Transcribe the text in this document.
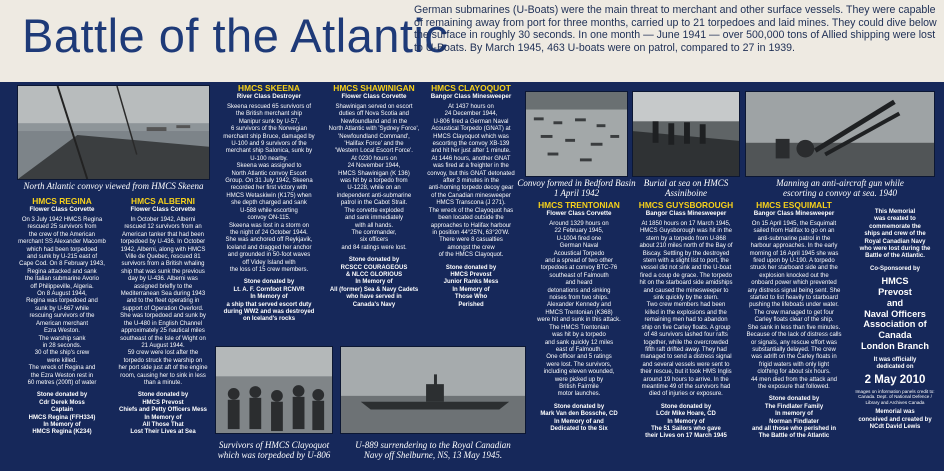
Battle of the Atlantic
German submarines (U-Boats) were the main threat to merchant and other surface vessels. They were capable of remaining away from port for three months, carried up to 21 torpedoes and laid mines. They could dive below the surface in roughly 30 seconds. In one month — June 1941 — over 500,000 tons of Allied shipping were lost to U-Boats. By March 1945, 463 U-boats were on patrol, compared to 27 in 1939.
North Atlantic convoy viewed from HMCS Skeena	Convoy formed in Bedford Basin
1 April 1942
Burial at sea on HMCS Assiniboine
Manning an anti-aircraft gun while
escorting a convoy at sea. 1940
Survivors of HMCS Clayoquot
which was torpedoed by U-806
U-889 surrendering to the Royal Canadian
Navy off Shelburne, NS, 13 May 1945.
HMCS REGINA
Flower Class Corvette
On 3 July 1942 HMCS Regina
rescued 25 survivors from
the crew of the American
merchant SS Alexander Macomb
which had been torpedoed
and sunk by U-215 east of
Cape Cod. On 8 February 1943,
Regina attacked and sank
the Italian submarine Avorio
off Philippeville, Algeria.
On 8 August 1944,
Regina was torpedoed and
sunk by U-667 while
rescuing survivors of the
American merchant
Ezra Weston.
The warship sank
in 28 seconds.
30 of the ship's crew
were killed.
The wreck of Regina and
the Ezra Weston rest in
60 metres (200ft) of water
Stone donated by
Cdr Derek Moss
Captain
HMCS Regina (FFH334)
In Memory of
HMCS Regina (K234)
HMCS ALBERNI
Flower Class Corvette
In October 1942, Alberni
rescued 12 survivors from an
American tanker that had been
torpedoed by U-436. In October
1942, Alberni, along with HMCS
Ville de Quebec, rescued 81
survivors from a British whaling
ship that was sunk the previous
day by U-436. Alberni was
assigned briefly to the
Mediterranean Sea during 1943
and to the fleet operating in
support of Operation Overlord.
She was torpedoed and sunk by
the U-480 in English Channel
approximately 25 nautical miles
southeast of the Isle of Wight on
21 August 1944.
59 crew were lost after the
torpedo struck the warship on
her port side just aft of the engine
room, causing her to sink in less
than a minute.
Stone donated by
HMCS Prevost
Chiefs and Petty Officers Mess
In Memory of
All Those That
Lost Their Lives at Sea
HMCS SKEENA
River Class Destroyer
Skeena rescued 65 survivors of
the British merchant ship
Manipur sunk by U-57,
6 survivors of the Norwegian
merchant ship Bruce, damaged by
U-100 and 9 survivors of the
merchant ship Salonica, sunk by
U-100 nearby.
Skeena was assigned to
North Atlantic convoy Escort
Group. On 31 July 1942, Skeena
recorded her first victory with
HMCS Wetaskiwin (K175) when
she depth charged and sank
U-588 while escorting
convoy ON-115.
Skeena was lost in a storm on
the night of 24 October 1944.
She was anchored off Reykjavik,
Iceland and dragged her anchor
and grounded in 50-foot waves
off Videy Island with
the loss of 15 crew members.
Stone donated by
Lt. A. F. Cornfoot RCNVR
In Memory of
a ship that served escort duty
during WW2 and was destroyed
on Iceland's rocks
HMCS SHAWINIGAN
Flower Class Corvette
Shawinigan served on escort
duties off Nova Scotia and
Newfoundland and in the
North Atlantic with 'Sydney Force',
'Newfoundland Command',
'Halifax Force' and the
'Western Local Escort Force'.
At 0230 hours on
24 November 1944,
HMCS Shawinigan (K 136)
was hit by a torpedo from
U-1228, while on an
independent anti-submarine
patrol in the Cabot Strait.
The corvette exploded
and sank immediately
with all hands.
The commander,
six officers
and 84 ratings were lost.
Stone donated by
RCSCC COURAGEOUS
& NLCC GLORIOUS
In Memory of
All (former) Sea & Navy Cadets
who have served in
Canada's Navy
HMCS CLAYOQUOT
Bangor Class Minesweeper
At 1437 hours on
24 December 1944,
U-806 fired a German Naval
Acoustical Torpedo (GNAT) at
HMCS Clayoquot which was
escorting the convoy XB-139
and hit her just after 1 minute.
At 1446 hours, another GNAT
was fired at a freighter in the
convoy, but this GNAT detonated
after 3 minutes in the
anti-homing torpedo decoy gear
of the Canadian minesweeper
HMCS Transcona (J 271).
The wreck of the Clayoquot has
been located outside the
approaches to Halifax harbour
in position 44°25'N, 63°20'W.
There were 8 casualties
amongst the crew
of the HMCS Clayoquot.
Stone donated by
HMCS Prevost
Junior Ranks Mess
In Memory of
Those Who
Perished
HMCS TRENTONIAN
Flower Class Corvette
Around 1329 hours on
22 February 1945,
U-1004 fired one
German Naval
Acoustical Torpedo
and a spread of two other
torpedoes at convoy BTC-76
southeast of Falmouth
and heard
detonations and sinking
noises from two ships.
Alexander Kennedy and
HMCS Trentonian (K368)
were hit and sunk in this attack.
The HMCS Trentonian
was hit by a torpedo
and sank quickly 12 miles
east of Falmouth.
One officer and 5 ratings
were lost. The survivors,
including eleven wounded,
were picked up by
British Fairmile
motor launches.
Stone donated by
Mark Van den Bossche, CD
In Memory of and
Dedicated to the Six
HMCS GUYSBOROUGH
Bangor Class Minesweeper
At 1850 hours on 17 March 1945,
HMCS Guysborough was hit in the
stern by a torpedo from U-868
about 210 miles north of the Bay of
Biscay. Settling by the destroyed
stern with a slight list to port, the
vessel did not sink and the U-boat
fired a coup de grace. The torpedo
hit on the starboard side amidships
and caused the minesweeper to
sink quickly by the stern.
Two crew members had been
killed in the explosions and the
remaining men had to abandon
ship on five Carley floats. A group
of 48 survivors lashed four rafts
together, while the overcrowded
fifth raft drifted away. They had
managed to send a distress signal
and several vessels were sent to
their rescue, but it took HMS Inglis
around 19 hours to arrive. In the
meantime 49 of the survivors had
died of injuries or exposure.
Stone donated by
LCdr Mike Hoare, CD
In Memory of
The 51 Sailors who gave
their Lives on 17 March 1945
HMCS ESQUIMALT
Bangor Class Minesweeper
On 15 April 1945, the Esquimalt
sailed from Halifax to go on an
anti-submarine patrol in the
harbour approaches. In the early
morning of 16 April 1945 she was
fired upon by U-190. A torpedo
struck her starboard side and the
explosion knocked out the
onboard power which prevented
any distress signal being sent. She
started to list heavily to starboard
pushing the lifeboats under water.
The crew managed to get four
Carley floats clear of the ship.
She sank in less than five minutes.
Because of the lack of distress calls
or signals, any rescue effort was
substantially delayed. The crew
was adrift on the Carley floats in
frigid waters with only light
clothing for about six hours.
44 men died from the attack and
the exposure that followed.
Stone donated by
The Findlater Family
In memory of
Norman Findlater
and all those who perished in
The Battle of the Atlantic
This Memorial
was created to
commemorate the
ships and crew of the
Royal Canadian Navy
who were lost during the
Battle of the Atlantic.
Co-Sponsored by
HMCS
Prevost
and
Naval Officers
Association of
Canada
London Branch
It was officially
dedicated on
2 May 2010
Images on information panels credit to:
Canada. Dept. of National Defence /
Library and Archives Canada
Memorial was
conceived and created by
NCdt David Lewis
